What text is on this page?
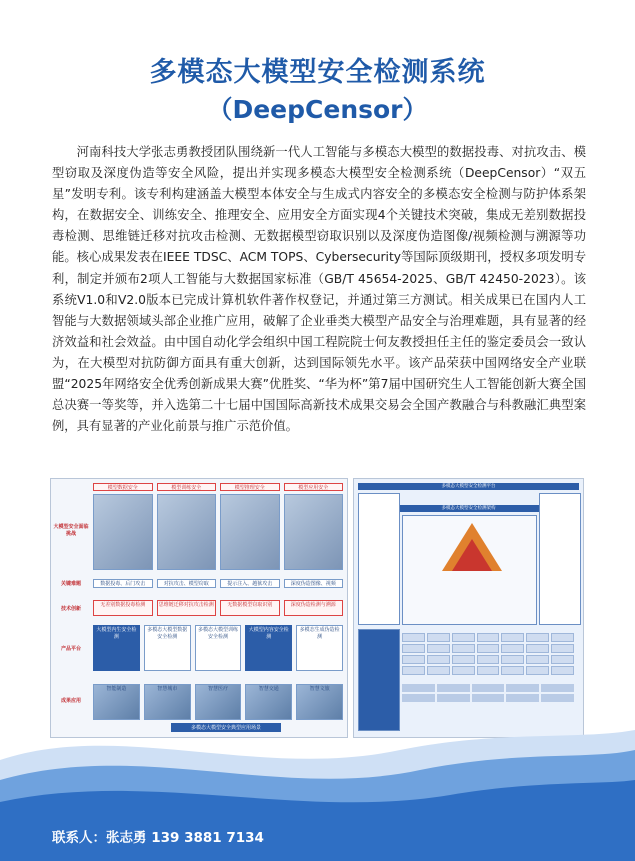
多模态大模型安全检测系统
（DeepCensor）
河南科技大学张志勇教授团队围绕新一代人工智能与多模态大模型的数据投毒、对抗攻击、模型窃取及深度伪造等安全风险，提出并实现多模态大模型安全检测系统（DeepCensor）“双五星”发明专利。该专利构建涵盖大模型本体安全与生成式内容安全的多模态安全检测与防护体系架构，在数据安全、训练安全、推理安全、应用安全方面实现4个关键技术突破，集成无差别数据投毒检测、思维链迁移对抗攻击检测、无数据模型窃取识别以及深度伪造图像/视频检测与溯源等功能。核心成果发表在IEEE TDSC、ACM TOPS、Cybersecurity等国际顶级期刊，授权多项发明专利，制定并颁布2项人工智能与大数据国家标准（GB/T 45654-2025、GB/T 42450-2023）。该系统V1.0和V2.0版本已完成计算机软件著作权登记，并通过第三方测试。相关成果已在国内人工智能与大数据领域头部企业推广应用，破解了企业垂类大模型产品安全与治理难题，具有显著的经济效益和社会效益。由中国自动化学会组织中国工程院院士何友教授担任主任的鉴定委员会一致认为，在大模型对抗防御方面具有重大创新，达到国际领先水平。该产品荣获中国网络安全产业联盟“2025年网络安全优秀创新成果大赛”优胜奖、“华为杯”第7届中国研究生人工智能创新大赛全国总决赛一等奖等，并入选第二十七届中国国际高新技术成果交易会全国产教融合与科教融汇典型案例，具有显著的产业化前景与推广示范价值。
大模型安全面临挑战
关键难题
技术创新
产品平台
成果应用
模型数据安全	模型训练安全	模型推理安全	模型应用安全
数据投毒、后门攻击	对抗攻击、模型窃取	提示注入、越狱攻击	深度伪造图像、视频
无差别数据投毒检测	思维链迁移对抗攻击检测	无数据模型窃取识别	深度伪造检测与溯源
大模型内生安全检测
多模态大模型数据安全检测
多模态大模型训练安全检测
大模型内容安全检测
多模态生成伪造检测
智能制造	智慧城市	智慧医疗	智慧交通	智慧文旅
多模态大模型安全典型应用场景
多模态大模型安全检测平台
多模态大模型安全检测架构
联系人：张志勇 139 3881 7134
